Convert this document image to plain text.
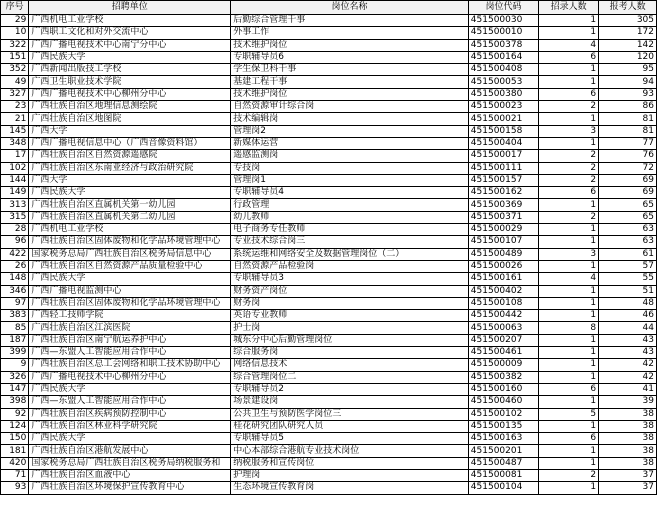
序号	招聘单位	岗位名称	岗位代码	招录人数	报考人数
29	广西机电工业学校	后勤综合管理干事	451500030	1	305
10	广西职工文化和对外交流中心	外事工作	451500010	1	172
322	广西广播电视技术中心南宁分中心	技术维护岗位	451500378	4	142
151	广西民族大学	专职辅导员6	451500164	6	120
352	广西新闻出版技工学校	学生保卫科干事	451500408	1	95
49	广西卫生职业技术学院	基建工程干事	451500053	1	94
327	广西广播电视技术中心柳州分中心	技术维护岗位	451500380	6	93
23	广西壮族自治区地理信息测绘院	自然资源审计综合岗	451500023	2	86
21	广西壮族自治区地图院	技术编辑岗	451500021	1	81
145	广西大学	管理岗2	451500158	3	81
348	广西广播电视信息中心（广西音像资料馆）	新媒体运营	451500404	1	77
17	广西壮族自治区自然资源遥感院	遥感监测岗	451500017	2	76
102	广西壮族自治区东南亚经济与政治研究院	专技岗	451500111	2	72
144	广西大学	管理岗1	451500157	2	69
149	广西民族大学	专职辅导员4	451500162	6	69
313	广西壮族自治区直属机关第一幼儿园	行政管理	451500369	1	65
315	广西壮族自治区直属机关第二幼儿园	幼儿教师	451500371	2	65
28	广西机电工业学校	电子商务专任教师	451500029	1	63
96	广西壮族自治区固体废物和化学品环境管理中心	专业技术综合岗三	451500107	1	63
422	国家税务总局广西壮族自治区税务局信息中心	系统运维和网络安全及数据管理岗位（二）	451500489	3	61
26	广西壮族自治区自然资源产品质量检验中心	自然资源产品检验岗	451500026	1	57
148	广西民族大学	专职辅导员3	451500161	4	55
346	广西广播电视监测中心	财务资产岗位	451500402	1	51
97	广西壮族自治区固体废物和化学品环境管理中心	财务岗	451500108	1	48
383	广西轻工技师学院	英语专业教师	451500442	1	46
85	广西壮族自治区江滨医院	护士岗	451500063	8	44
187	广西壮族自治区南宁航运养护中心	城东分中心后勤管理岗位	451500207	1	43
399	广西—东盟人工智能应用合作中心	综合服务岗	451500461	1	43
9	广西壮族自治区总工会网络和职工技术协助中心	网络信息技术	451500009	1	42
326	广西广播电视技术中心柳州分中心	综合管理岗位二	451500382	1	42
147	广西民族大学	专职辅导员2	451500160	6	41
398	广西—东盟人工智能应用合作中心	场景建设岗	451500460	1	39
92	广西壮族自治区疾病预防控制中心	公共卫生与预防医学岗位三	451500102	5	38
124	广西壮族自治区林业科学研究院	桂花研究团队研究人员	451500135	1	38
150	广西民族大学	专职辅导员5	451500163	6	38
181	广西壮族自治区港航发展中心	中心本部综合港航专业技术岗位	451500201	1	38
420	国家税务总局广西壮族自治区税务局纳税服务和	纳税服务和宣传岗位	451500487	1	38
71	广西壮族自治区血液中心	护理岗	451500081	2	37
93	广西壮族自治区环境保护宣传教育中心	生态环境宣传教育岗	451500104	1	37
